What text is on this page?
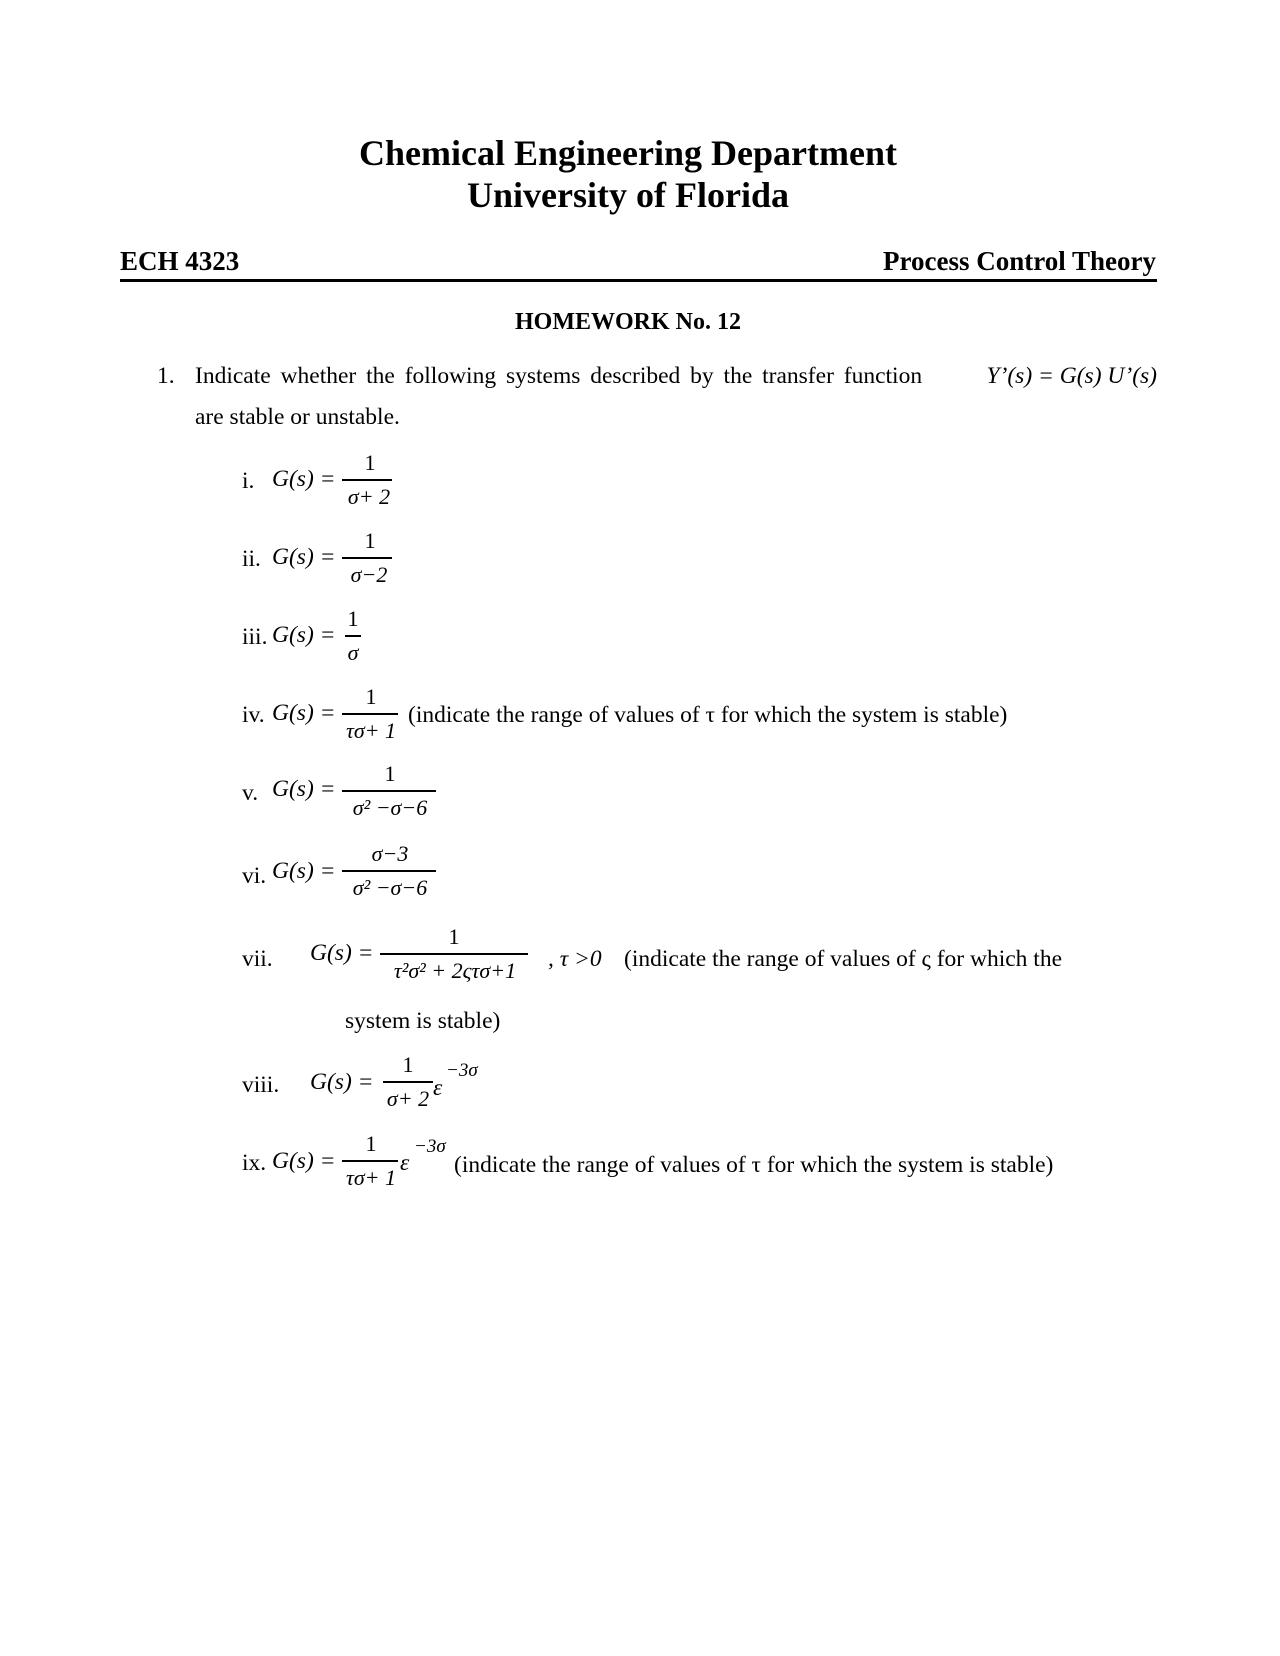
Chemical Engineering Department
University of Florida
ECH 4323	Process Control Theory
HOMEWORK No. 12
1. Indicate whether the following systems described by the transfer function	Y’(s) = G(s) U’(s)
are stable or unstable.
i. G(s) =
1
σ+ 2
ii. G(s) =
1
σ−2
iii. G(s) =
1
σ
iv. G(s) =
1
τσ+ 1
(indicate the range of values of τ for which the system is stable)
v. G(s) =
1
σ² −σ−6
vi. G(s) =
σ−3
σ² −σ−6
vii. G(s) =
1
τ²σ² + 2ςτσ+1	, τ >0 (indicate the range of values of ς for which the
system is stable)
viii. G(s) =
1
σ+ 2 ε
−3σ
ix. G(s) =
1
τσ+ 1
ε
−3σ
(indicate the range of values of τ for which the system is stable)
